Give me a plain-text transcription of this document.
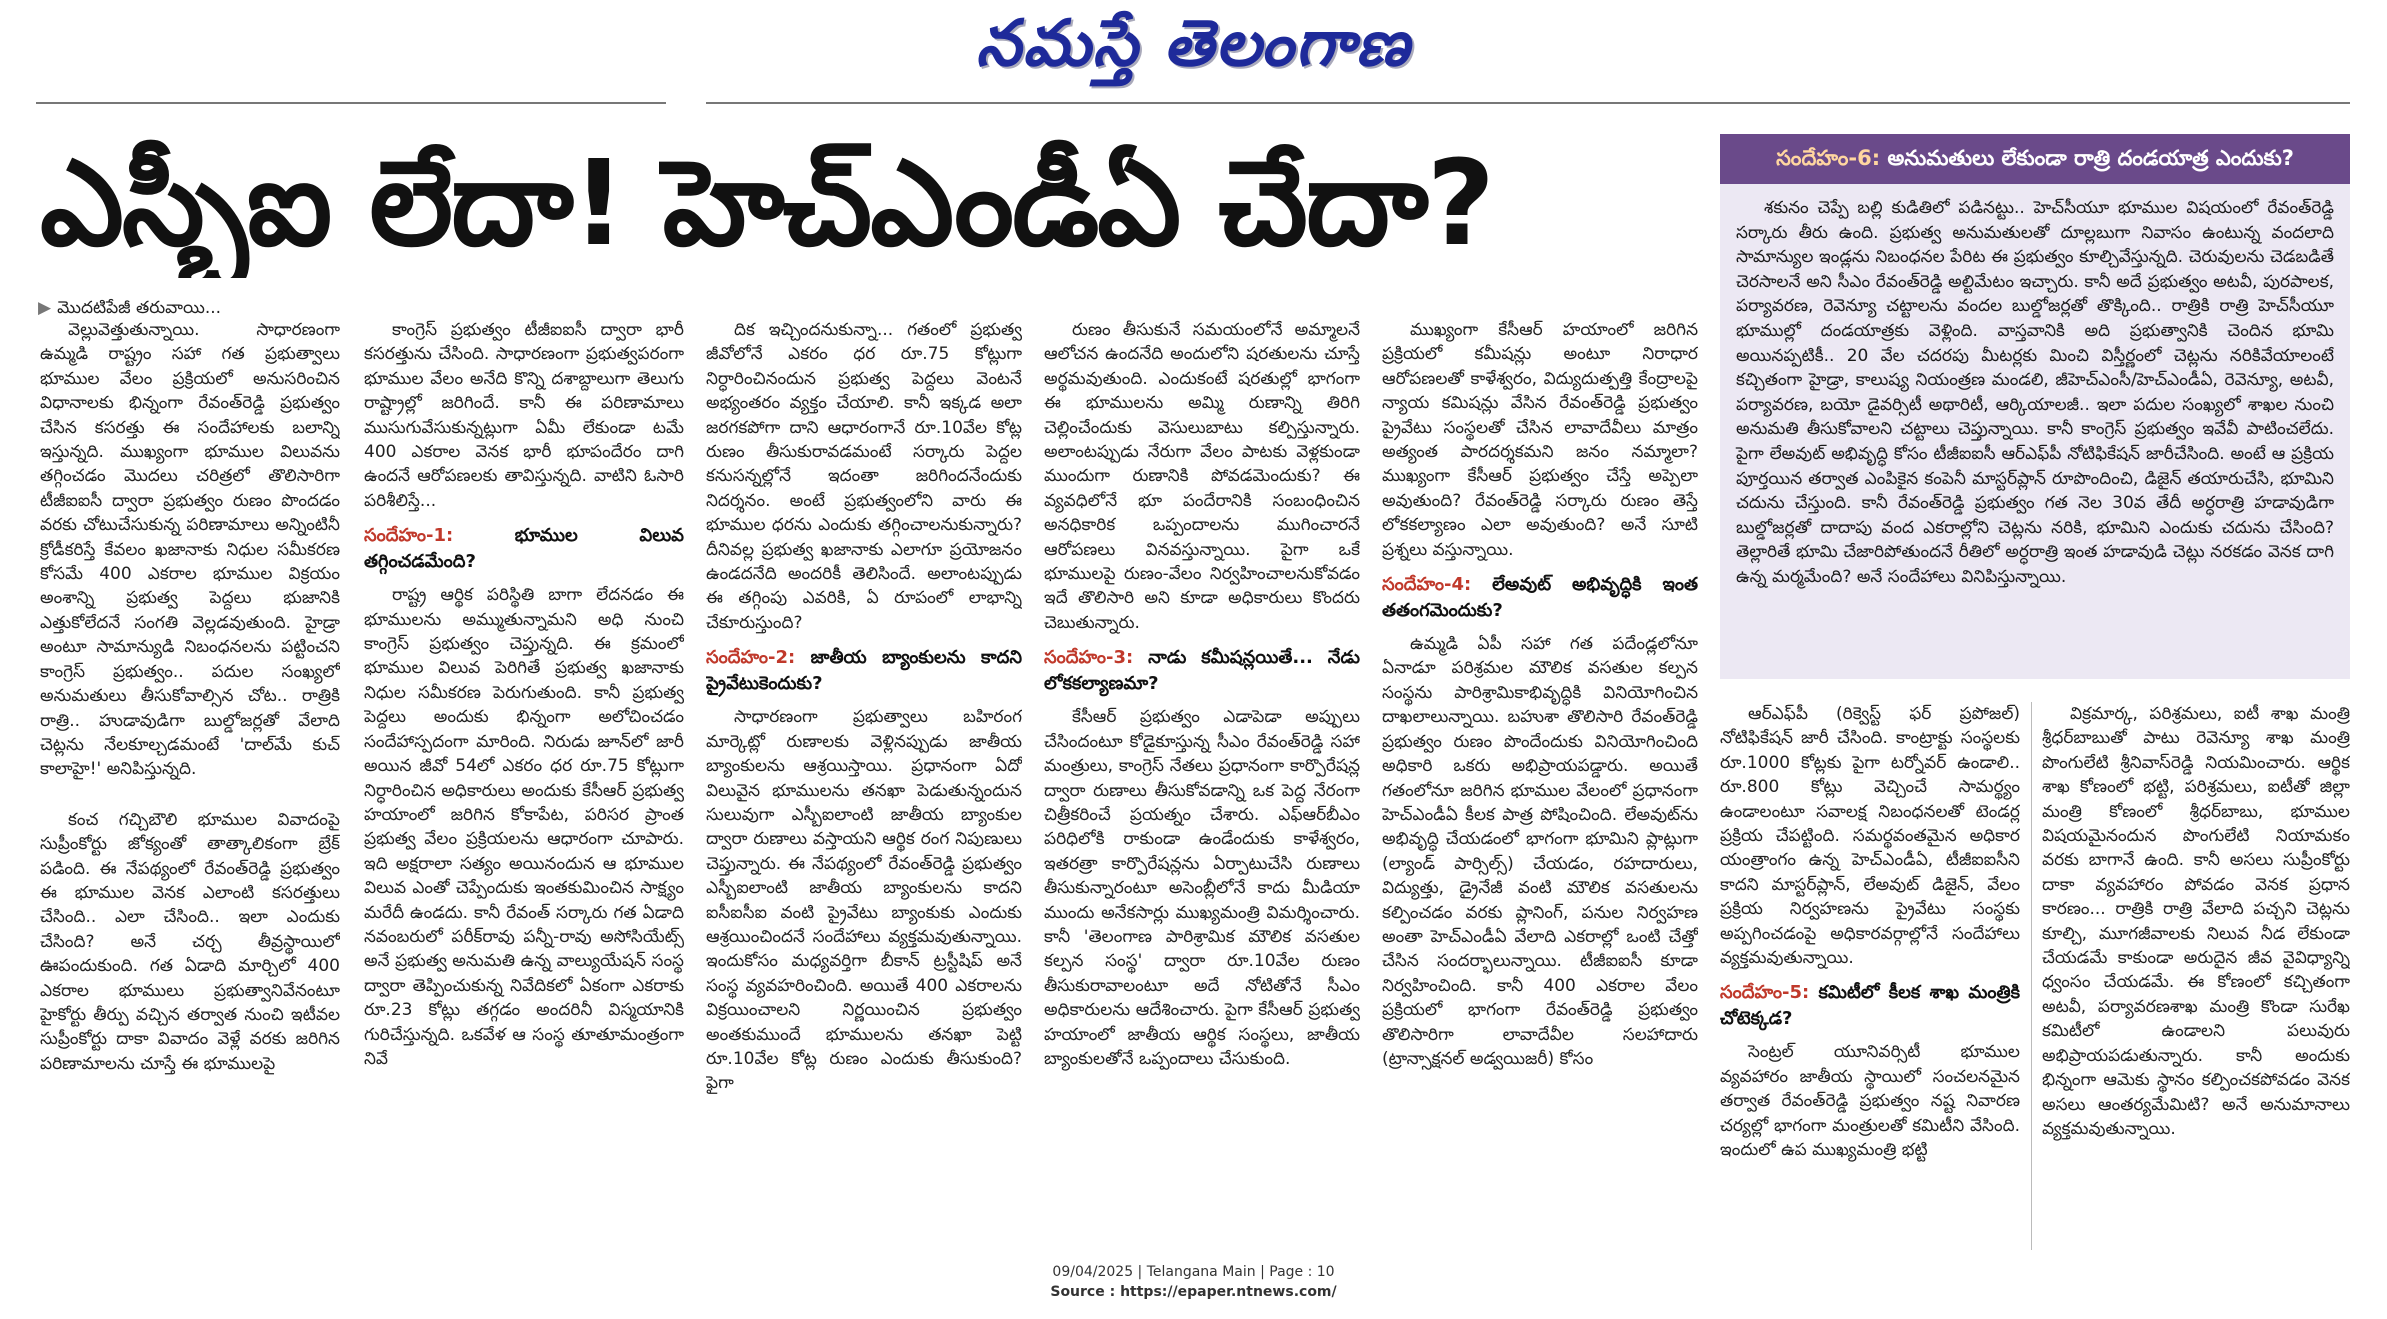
నమస్తే తెలంగాణ
ఎస్బీఐ లేదా! హెచ్ఎండీఏ చేదా?
▶ మొదటిపేజీ తరువాయి...

వెల్లువెత్తుతున్నాయి. సాధారణంగా ఉమ్మడి రాష్ట్రం సహా గత ప్రభుత్వాలు భూముల వేలం ప్రక్రియలో అనుసరించిన విధానాలకు భిన్నంగా రేవంత్‌రెడ్డి ప్రభుత్వం చేసిన కసరత్తు ఈ సందేహాలకు బలాన్ని ఇస్తున్నది. ముఖ్యంగా భూముల విలువను తగ్గించడం మొదలు చరిత్రలో తొలిసారిగా టీజీఐఐసీ ద్వారా ప్రభుత్వం రుణం పొందడం వరకు చోటుచేసుకున్న పరిణామాలు అన్నింటినీ క్రోడీకరిస్తే కేవలం ఖజానాకు నిధుల సమీకరణ కోసమే 400 ఎకరాల భూముల విక్రయం అంశాన్ని ప్రభుత్వ పెద్దలు భుజానికి ఎత్తుకోలేదనే సంగతి వెల్లడవుతుంది. హైడ్రా అంటూ సామాన్యుడి నిబంధనలను పట్టించని కాంగ్రెస్ ప్రభుత్వం.. పదుల సంఖ్యలో అనుమతులు తీసుకోవాల్సిన చోట.. రాత్రికి రాత్రి.. హుడావుడిగా బుల్డోజర్లతో వేలాది చెట్లను నేలకూల్చడమంటే 'దాల్‌మే కుచ్ కాలాహై!' అనిపిస్తున్నది.

కంచ గచ్చిబౌలి భూముల వివాదంపై సుప్రీంకోర్టు జోక్యంతో తాత్కాలికంగా బ్రేక్ పడింది. ఈ నేపథ్యంలో రేవంత్‌రెడ్డి ప్రభుత్వం ఈ భూముల వెనక ఎలాంటి కసరత్తులు చేసింది.. ఎలా చేసింది.. ఇలా ఎందుకు చేసింది? అనే చర్చ తీవ్రస్థాయిలో ఊపందుకుంది. గత ఏడాది మార్చిలో 400 ఎకరాల భూములు ప్రభుత్వానివేనంటూ హైకోర్టు తీర్పు వచ్చిన తర్వాత నుంచి ఇటీవల సుప్రీంకోర్టు దాకా వివాదం వెళ్లే వరకు జరిగిన పరిణామాలను చూస్తే ఈ భూములపై

కాంగ్రెస్ ప్రభుత్వం టీజీఐఐసీ ద్వారా భారీ కసరత్తును చేసింది. సాధారణంగా ప్రభుత్వపరంగా భూముల వేలం అనేది కొన్ని దశాబ్దాలుగా తెలుగు రాష్ట్రాల్లో జరిగిందే. కానీ ఈ పరిణామాలు ముసుగువేసుకున్నట్లుగా ఏమీ లేకుండా టమే 400 ఎకరాల వెనక భారీ భూపందేరం దాగి ఉందనే ఆరోపణలకు తావిస్తున్నది. వాటిని ఓసారి పరిశీలిస్తే...

సందేహం-1:	భూముల విలువ తగ్గించడమేంది?

రాష్ట్ర ఆర్థిక పరిస్థితి బాగా లేదనడం ఈ భూములను అమ్ముతున్నామని అధి నుంచి కాంగ్రెస్ ప్రభుత్వం చెప్తున్నది. ఈ క్రమంలో భూముల విలువ పెరిగితే ప్రభుత్వ ఖజానాకు నిధుల సమీకరణ పెరుగుతుంది. కానీ ప్రభుత్వ పెద్దలు అందుకు భిన్నంగా అలోచించడం సందేహాస్పదంగా మారింది. నిరుడు జూన్‌లో జారీ అయిన జీవో 54లో ఎకరం ధర రూ.75 కోట్లుగా నిర్ధారించిన అధికారులు అందుకు కేసీఆర్ ప్రభుత్వ హయాంలో జరిగిన కోకాపేట, పరిసర ప్రాంత ప్రభుత్వ వేలం ప్రక్రియలను ఆధారంగా చూపారు. ఇది అక్షరాలా సత్యం అయినందున ఆ భూముల విలువ ఎంతో చెప్పేందుకు ఇంతకుమించిన సాక్ష్యం మరేదీ ఉండదు. కానీ రేవంత్ సర్కారు గత ఏడాది నవంబరులో పరీక్‌రావు పన్నీ-రావు అసోసియేట్స్ అనే ప్రభుత్వ అనుమతి ఉన్న వాల్యుయేషన్ సంస్థ ద్వారా తెప్పించుకున్న నివేదికలో ఏకంగా ఎకరాకు రూ.23 కోట్లు తగ్గడం అందరినీ విస్మయానికి గురిచేస్తున్నది. ఒకవేళ ఆ సంస్థ తూతూమంత్రంగా నివే

దిక ఇచ్చిందనుకున్నా... గతంలో ప్రభుత్వ జీవోలోనే ఎకరం ధర రూ.75 కోట్లుగా నిర్ధారించినందున ప్రభుత్వ పెద్దలు వెంటనే అభ్యంతరం వ్యక్తం చేయాలి. కానీ ఇక్కడ అలా జరగకపోగా దాని ఆధారంగానే రూ.10వేల కోట్ల రుణం తీసుకురావడమంటే సర్కారు పెద్దల కనుసన్నల్లోనే ఇదంతా జరిగిందనేందుకు నిదర్శనం. అంటే ప్రభుత్వంలోని వారు ఈ భూముల ధరను ఎందుకు తగ్గించాలనుకున్నారు? దీనివల్ల ప్రభుత్వ ఖజానాకు ఎలాగూ ప్రయోజనం ఉండదనేది అందరికీ తెలిసిందే. అలాంటప్పుడు ఈ తగ్గింపు ఎవరికి, ఏ రూపంలో లాభాన్ని చేకూరుస్తుంది?

సందేహం-2: జాతీయ బ్యాంకులను కాదని ప్రైవేటుకెందుకు?

సాధారణంగా ప్రభుత్వాలు బహిరంగ మార్కెట్లో రుణాలకు వెళ్లినప్పుడు జాతీయ బ్యాంకులను ఆశ్రయిస్తాయి. ప్రధానంగా ఏదో విలువైన భూములను తనఖా పెడుతున్నందున సులువుగా ఎస్బీఐలాంటి జాతీయ బ్యాంకుల ద్వారా రుణాలు వస్తాయని ఆర్థిక రంగ నిపుణులు చెప్తున్నారు. ఈ నేపథ్యంలో రేవంత్‌రెడ్డి ప్రభుత్వం ఎస్బీఐలాంటి జాతీయ బ్యాంకులను కాదని ఐసీఐసీఐ వంటి ప్రైవేటు బ్యాంకుకు ఎందుకు ఆశ్రయించిందనే సందేహాలు వ్యక్తమవుతున్నాయి. ఇందుకోసం మధ్యవర్తిగా బీకాన్ ట్రస్టీషిప్ అనే సంస్థ వ్యవహరించింది. అయితే 400 ఎకరాలను విక్రయించాలని నిర్ణయించిన ప్రభుత్వం అంతకుముందే భూములను తనఖా పెట్టి రూ.10వేల కోట్ల రుణం ఎందుకు తీసుకుంది? ఫైగా

రుణం తీసుకునే సమయంలోనే అమ్మాలనే ఆలోచన ఉందనేది అందులోని షరతులను చూస్తే అర్థమవుతుంది. ఎందుకంటే షరతుల్లో భాగంగా ఈ భూములను అమ్మి రుణాన్ని తిరిగి చెల్లించేందుకు వెసులుబాటు కల్పిస్తున్నారు. అలాంటప్పుడు నేరుగా వేలం పాటకు వెళ్లకుండా ముందుగా రుణానికి పోవడమెందుకు? ఈ వ్యవధిలోనే భూ పందేరానికి సంబంధించిన అనధికారిక ఒప్పందాలను ముగించారనే ఆరోపణలు వినవస్తున్నాయి. పైగా ఒకే భూములపై రుణం-వేలం నిర్వహించాలనుకోవడం ఇదే తొలిసారి అని కూడా అధికారులు కొందరు చెబుతున్నారు.

సందేహం-3: నాడు కమీషన్లయితే... నేడు లోకకల్యాణమా?

కేసీఆర్ ప్రభుత్వం ఎడాపెడా అప్పులు చేసిందంటూ కోడైకూస్తున్న సీఎం రేవంత్‌రెడ్డి సహా మంత్రులు, కాంగ్రెస్ నేతలు ప్రధానంగా కార్పొరేషన్ల ద్వారా రుణాలు తీసుకోవడాన్ని ఒక పెద్ద నేరంగా చిత్రీకరించే ప్రయత్నం చేశారు. ఎఫ్ఆర్‌బీఎం పరిధిలోకి రాకుండా ఉండేందుకు కాళేశ్వరం, ఇతరత్రా కార్పొరేషన్లను ఏర్పాటుచేసి రుణాలు తీసుకున్నారంటూ అసెంబ్లీలోనే కాదు మీడియా ముందు అనేకసార్లు ముఖ్యమంత్రి విమర్శించారు. కానీ 'తెలంగాణ పారిశ్రామిక మౌలిక వసతుల కల్పన సంస్థ' ద్వారా రూ.10వేల రుణం తీసుకురావాలంటూ అదే నోటితోనే సీఎం అధికారులను ఆదేశించారు. పైగా కేసీఆర్ ప్రభుత్వ హయాంలో జాతీయ ఆర్థిక సంస్థలు, జాతీయ బ్యాంకులతోనే ఒప్పందాలు చేసుకుంది.

ముఖ్యంగా కేసీఆర్ హయాంలో జరిగిన ప్రక్రియలో కమీషన్లు అంటూ నిరాధార ఆరోపణలతో కాళేశ్వరం, విద్యుదుత్పత్తి కేంద్రాలపై న్యాయ కమిషన్లు వేసిన రేవంత్‌రెడ్డి ప్రభుత్వం ప్రైవేటు సంస్థలతో చేసిన లావాదేవీలు మాత్రం అత్యంత పారదర్శకమని జనం నమ్మాలా? ముఖ్యంగా కేసీఆర్ ప్రభుత్వం చేస్తే అప్పెలా అవుతుంది? రేవంత్‌రెడ్డి సర్కారు రుణం తెస్తే లోకకల్యాణం ఎలా అవుతుంది? అనే సూటి ప్రశ్నలు వస్తున్నాయి.

సందేహం-4: లేఅవుట్ అభివృద్ధికి ఇంత తతంగమెందుకు?

ఉమ్మడి ఏపీ సహా గత పదేండ్లలోనూ ఏనాడూ పరిశ్రమల మౌలిక వసతుల కల్పన సంస్థను పారిశ్రామికాభివృద్ధికి వినియోగించిన దాఖలాలున్నాయి. బహుశా తొలిసారి రేవంత్‌రెడ్డి ప్రభుత్వం రుణం పొందేందుకు వినియోగించింది అధికారి ఒకరు అభిప్రాయపడ్డారు. అయితే గతంలోనూ జరిగిన భూముల వేలంలో ప్రధానంగా హెచ్ఎండీఏ కీలక పాత్ర పోషించింది. లేఅవుట్‌ను అభివృద్ధి చేయడంలో భాగంగా భూమిని ప్లాట్లుగా (ల్యాండ్ పార్సిల్స్) చేయడం, రహదారులు, విద్యుత్తు, డ్రైనేజీ వంటి మౌలిక వసతులను కల్పించడం వరకు ప్లానింగ్, పనుల నిర్వహణ అంతా హెచ్ఎండీఏ వేలాది ఎకరాల్లో ఒంటి చేత్తో చేసిన సందర్భాలున్నాయి. టీజీఐఐసీ కూడా నిర్వహించింది. కానీ 400 ఎకరాల వేలం ప్రక్రియలో భాగంగా రేవంత్‌రెడ్డి ప్రభుత్వం తొలిసారిగా లావాదేవీల సలహాదారు (ట్రాన్సాక్షనల్ అడ్వయిజరీ) కోసం

సందేహం-6: అనుమతులు లేకుండా రాత్రి దండయాత్ర ఎందుకు?
శకునం చెప్పే బల్లి కుడితిలో పడినట్టు.. హెచ్‌సీయూ భూముల విషయంలో రేవంత్‌రెడ్డి సర్కారు తీరు ఉంది. ప్రభుత్వ అనుమతులతో దూల్లబుగా నివాసం ఉంటున్న వందలాది సామాన్యుల ఇండ్లను నిబంధనల పేరిట ఈ ప్రభుత్వం కూల్చివేస్తున్నది. చెరువులను చెడబడితే చెరసాలనే అని సీఎం రేవంత్‌రెడ్డి అల్టిమేటం ఇచ్చారు. కానీ అదే ప్రభుత్వం అటవీ, పురపాలక, పర్యావరణ, రెవెన్యూ చట్టాలను వందల బుల్డోజర్లతో తొక్కింది.. రాత్రికి రాత్రి హెచ్‌సీయూ భూముల్లో దండయాత్రకు వెళ్లింది. వాస్తవానికి అది ప్రభుత్వానికి చెందిన భూమి అయినప్పటికీ.. 20 వేల చదరపు మీటర్లకు మించి విస్తీర్ణంలో చెట్లను నరికివేయాలంటే కచ్చితంగా హైడ్రా, కాలుష్య నియంత్రణ మండలి, జీహెచ్ఎంసీ/హెచ్ఎండీఏ, రెవెన్యూ, అటవీ, పర్యావరణ, బయో డైవర్సిటీ అథారిటీ, ఆర్కియాలజీ.. ఇలా పదుల సంఖ్యలో శాఖల నుంచి అనుమతి తీసుకోవాలని చట్టాలు చెప్తున్నాయి. కానీ కాంగ్రెస్ ప్రభుత్వం ఇవేవీ పాటించలేదు. పైగా లేఅవుట్ అభివృద్ధి కోసం టీజీఐఐసీ ఆర్ఎఫ్‌పీ నోటిఫికేషన్ జారీచేసింది. అంటే ఆ ప్రక్రియ పూర్తయిన తర్వాత ఎంపికైన కంపెనీ మాస్టర్‌ప్లాన్ రూపొందించి, డిజైన్ తయారుచేసి, భూమిని చదును చేస్తుంది. కానీ రేవంత్‌రెడ్డి ప్రభుత్వం గత నెల 30వ తేదీ అర్ధరాత్రి హడావుడిగా బుల్డోజర్లతో దాదాపు వంద ఎకరాల్లోని చెట్లను నరికి, భూమిని ఎందుకు చదును చేసింది? తెల్లారితే భూమి చేజారిపోతుందనే రీతిలో అర్ధరాత్రి ఇంత హడావుడి చెట్లు నరకడం వెనక దాగి ఉన్న మర్మమేంది? అనే సందేహాలు వినిపిస్తున్నాయి.

ఆర్ఎఫ్‌పీ (రిక్వెస్ట్ ఫర్ ప్రపోజల్) నోటిఫికేషన్ జారీ చేసింది. కాంట్రాక్టు సంస్థలకు రూ.1000 కోట్లకు పైగా టర్నోవర్ ఉండాలి.. రూ.800 కోట్లు వెచ్చించే సామర్థ్యం ఉండాలంటూ సవాలక్ష నిబంధనలతో టెండర్ల ప్రక్రియ చేపట్టింది. సమర్థవంతమైన అధికార యంత్రాంగం ఉన్న హెచ్ఎండీఏ, టీజీఐఐసీని కాదని మాస్టర్‌ప్లాన్, లేఅవుట్ డిజైన్, వేలం ప్రక్రియ నిర్వహణను ప్రైవేటు సంస్థకు అప్పగించడంపై అధికారవర్గాల్లోనే సందేహాలు వ్యక్తమవుతున్నాయి.

సందేహం-5: కమిటీలో కీలక శాఖ మంత్రికి చోటెక్కడ?

సెంట్రల్ యూనివర్సిటీ భూముల వ్యవహారం జాతీయ స్థాయిలో సంచలనమైన తర్వాత రేవంత్‌రెడ్డి ప్రభుత్వం నష్ట నివారణ చర్యల్లో భాగంగా మంత్రులతో కమిటీని వేసింది. ఇందులో ఉప ముఖ్యమంత్రి భట్టి

విక్రమార్క, పరిశ్రమలు, ఐటీ శాఖ మంత్రి శ్రీధర్‌బాబుతో పాటు రెవెన్యూ శాఖ మంత్రి పొంగులేటి శ్రీనివాస్‌రెడ్డి నియమించారు. ఆర్థిక శాఖ కోణంలో భట్టి, పరిశ్రమలు, ఐటీతో జిల్లా మంత్రి కోణంలో శ్రీధర్‌బాబు, భూముల విషయమైనందున పొంగులేటి నియామకం వరకు బాగానే ఉంది. కానీ అసలు సుప్రీంకోర్టు దాకా వ్యవహారం పోవడం వెనక ప్రధాన కారణం... రాత్రికి రాత్రి వేలాది పచ్చని చెట్లను కూల్చి, మూగజీవాలకు నిలువ నీడ లేకుండా చేయడమే కాకుండా అరుదైన జీవ వైవిధ్యాన్ని ధ్వంసం చేయడమే. ఈ కోణంలో కచ్చితంగా అటవీ, పర్యావరణశాఖ మంత్రి కొండా సురేఖ కమిటీలో ఉండాలని పలువురు అభిప్రాయపడుతున్నారు. కానీ అందుకు భిన్నంగా ఆమెకు స్థానం కల్పించకపోవడం వెనక అసలు ఆంతర్యమేమిటి? అనే అనుమానాలు వ్యక్తమవుతున్నాయి.

09/04/2025 | Telangana Main | Page : 10
Source : https://epaper.ntnews.com/
